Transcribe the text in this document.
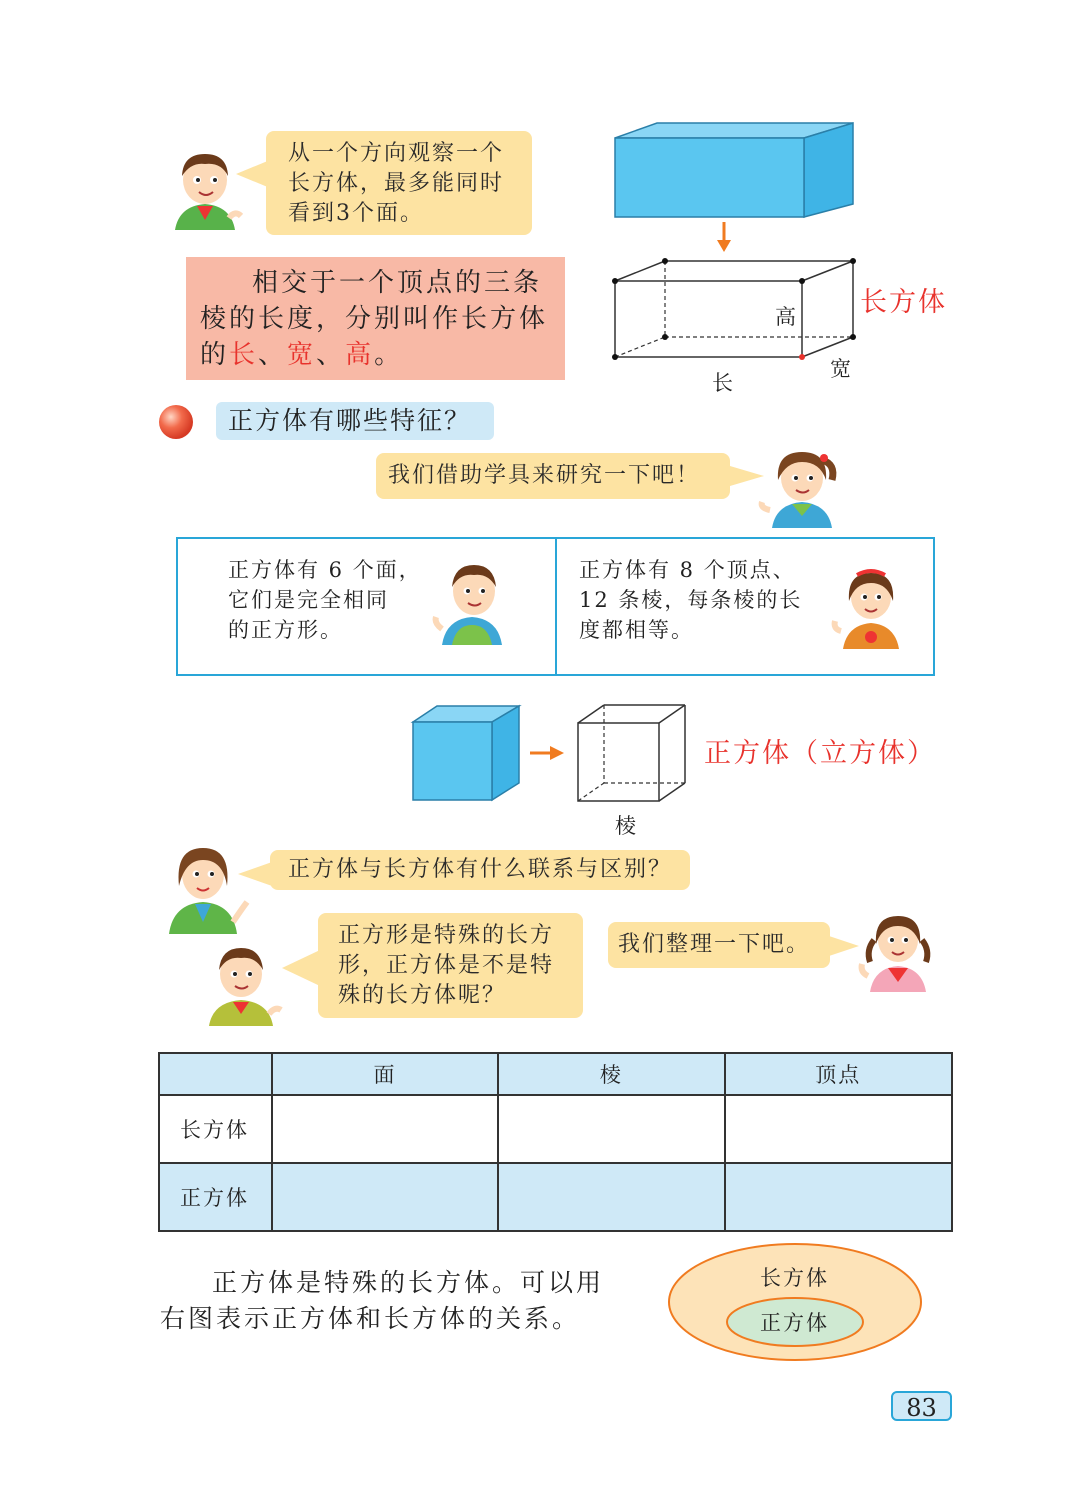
从一个方向观察一个
长方体，最多能同时
看到3个面。
相交于一个顶点的三条
棱的长度，分别叫作长方体
的长、宽、高。
高
长
宽
长方体
正方体有哪些特征？
我们借助学具来研究一下吧！
正方体有 6 个面，
它们是完全相同
的正方形。
正方体有 8 个顶点、
12 条棱，每条棱的长
度都相等。
棱
正方体（立方体）
正方体与长方体有什么联系与区别？
正方形是特殊的长方
形，正方体是不是特
殊的长方体呢？
我们整理一下吧。
	面	棱	顶点
长方体			
正方体			
正方体是特殊的长方体。可以用
右图表示正方体和长方体的关系。
长方体
正方体
83
